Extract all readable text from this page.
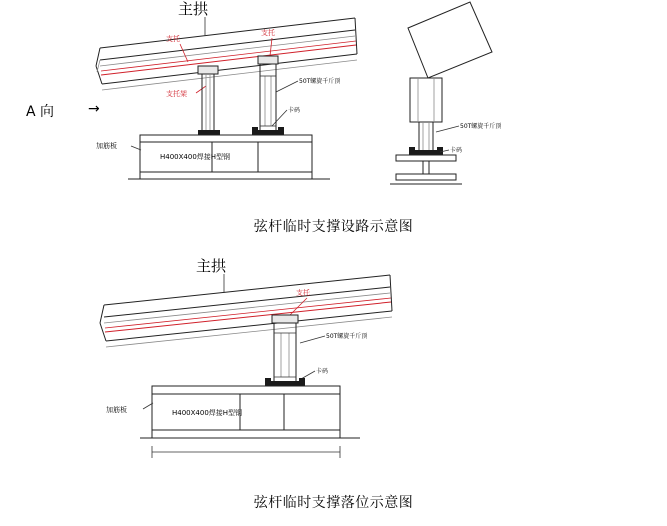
主拱
支托
支托
支托架
50T螺旋千斤顶
卡码
H400X400焊接H型钢
加筋板
A 向 →
50T螺旋千斤顶
卡码
弦杆临时支撑设路示意图
主拱
支托
50T螺旋千斤顶
卡码
H400X400焊接H型钢
加筋板
弦杆临时支撑落位示意图
